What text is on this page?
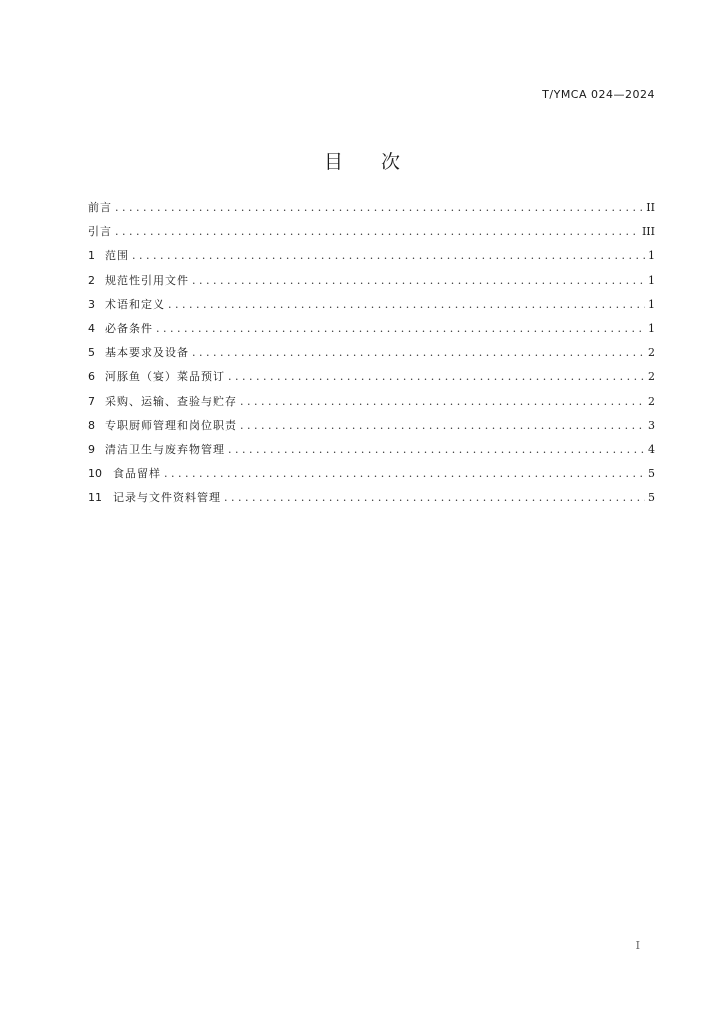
T/YMCA 024—2024
目次
前言 . . .	II
引言 . . .	III
1 范围 . . .	1
2 规范性引用文件 . . .	1
3 术语和定义 . . .	1
4 必备条件 . . .	1
5 基本要求及设备 . . .	2
6 河豚鱼（宴）菜品预订 . . .	2
7 采购、运输、查验与贮存 . . .	2
8 专职厨师管理和岗位职责 . . .	3
9 清洁卫生与废弃物管理 . . .	4
10	食品留样 . . .	5
11	记录与文件资料管理 . . .	5
I
